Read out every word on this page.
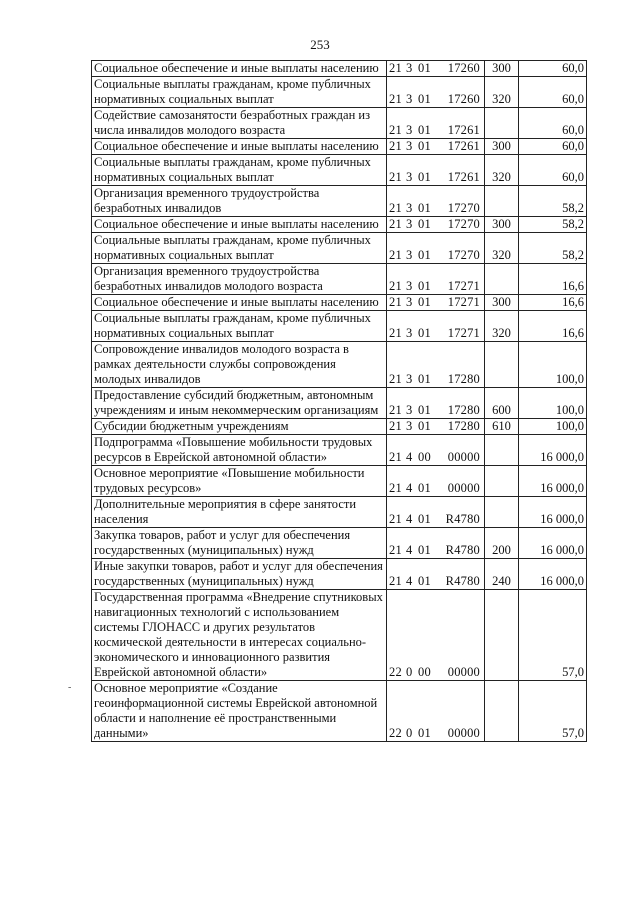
253
Социальное обеспечение и иные выплаты населению	21 3 01 17260	300	60,0
Социальные выплаты гражданам, кроме публичных нормативных социальных выплат	21 3 01 17260	320	60,0
Содействие самозанятости безработных граждан из числа инвалидов молодого возраста	21 3 01 17261		60,0
Социальное обеспечение и иные выплаты населению	21 3 01 17261	300	60,0
Социальные выплаты гражданам, кроме публичных нормативных социальных выплат	21 3 01 17261	320	60,0
Организация временного трудоустройства безработных инвалидов	21 3 01 17270		58,2
Социальное обеспечение и иные выплаты населению	21 3 01 17270	300	58,2
Социальные выплаты гражданам, кроме публичных нормативных социальных выплат	21 3 01 17270	320	58,2
Организация временного трудоустройства безработных инвалидов молодого возраста	21 3 01 17271		16,6
Социальное обеспечение и иные выплаты населению	21 3 01 17271	300	16,6
Социальные выплаты гражданам, кроме публичных нормативных социальных выплат	21 3 01 17271	320	16,6
Сопровождение инвалидов молодого возраста в рамках деятельности службы сопровождения молодых инвалидов	21 3 01 17280		100,0
Предоставление субсидий бюджетным, автономным учреждениям и иным некоммерческим организациям	21 3 01 17280	600	100,0
Субсидии бюджетным учреждениям	21 3 01 17280	610	100,0
Подпрограмма «Повышение мобильности трудовых ресурсов в Еврейской автономной области»	21 4 00 00000		16 000,0
Основное мероприятие «Повышение мобильности трудовых ресурсов»	21 4 01 00000		16 000,0
Дополнительные мероприятия в сфере занятости населения	21 4 01 R4780		16 000,0
Закупка товаров, работ и услуг для обеспечения государственных (муниципальных) нужд	21 4 01 R4780	200	16 000,0
Иные закупки товаров, работ и услуг для обеспечения государственных (муниципальных) нужд	21 4 01 R4780	240	16 000,0
Государственная программа «Внедрение спутниковых навигационных технологий с использованием системы ГЛОНАСС и других результатов космической деятельности в интересах социально-экономического и инновационного развития Еврейской автономной области»	22 0 00 00000		57,0
Основное мероприятие «Создание геоинформационной системы Еврейской автономной области и наполнение её пространственными данными»	22 0 01 00000		57,0
-
